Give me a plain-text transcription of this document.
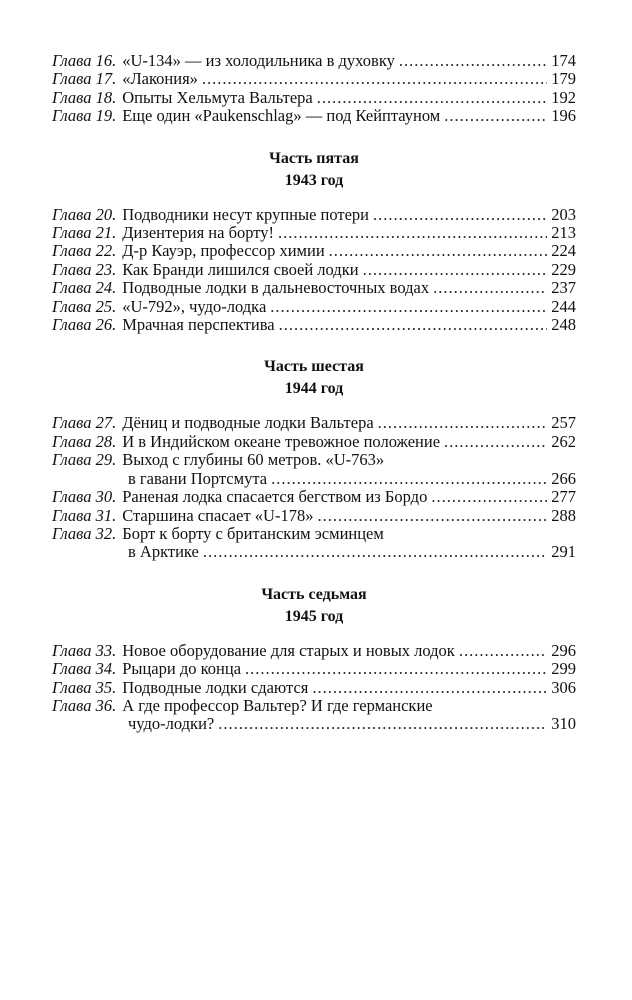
Глава 16. «U-134» — из холодильника в духовку .....	174
Глава 17. «Лакония» .....	179
Глава 18. Опыты Хельмута Вальтера .....	192
Глава 19. Еще один «Paukenschlag» — под Кейптауном .....	196
Часть пятая
1943 год
Глава 20. Подводники несут крупные потери .....	203
Глава 21. Дизентерия на борту! .....	213
Глава 22. Д-р Кауэр, профессор химии .....	224
Глава 23. Как Бранди лишился своей лодки .....	229
Глава 24. Подводные лодки в дальневосточных водах .....	237
Глава 25. «U-792», чудо-лодка .....	244
Глава 26. Мрачная перспектива .....	248
Часть шестая
1944 год
Глава 27. Дёниц и подводные лодки Вальтера .....	257
Глава 28. И в Индийском океане тревожное положение .....	262
Глава 29. Выход с глубины 60 метров. «U-763»
в гавани Портсмута .....	266
Глава 30. Раненая лодка спасается бегством из Бордо .....	277
Глава 31. Старшина спасает «U-178» .....	288
Глава 32. Борт к борту с британским эсминцем
в Арктике .....	291
Часть седьмая
1945 год
Глава 33. Новое оборудование для старых и новых лодок .....	296
Глава 34. Рыцари до конца .....	299
Глава 35. Подводные лодки сдаются .....	306
Глава 36. А где профессор Вальтер? И где германские
чудо-лодки? .....	310
